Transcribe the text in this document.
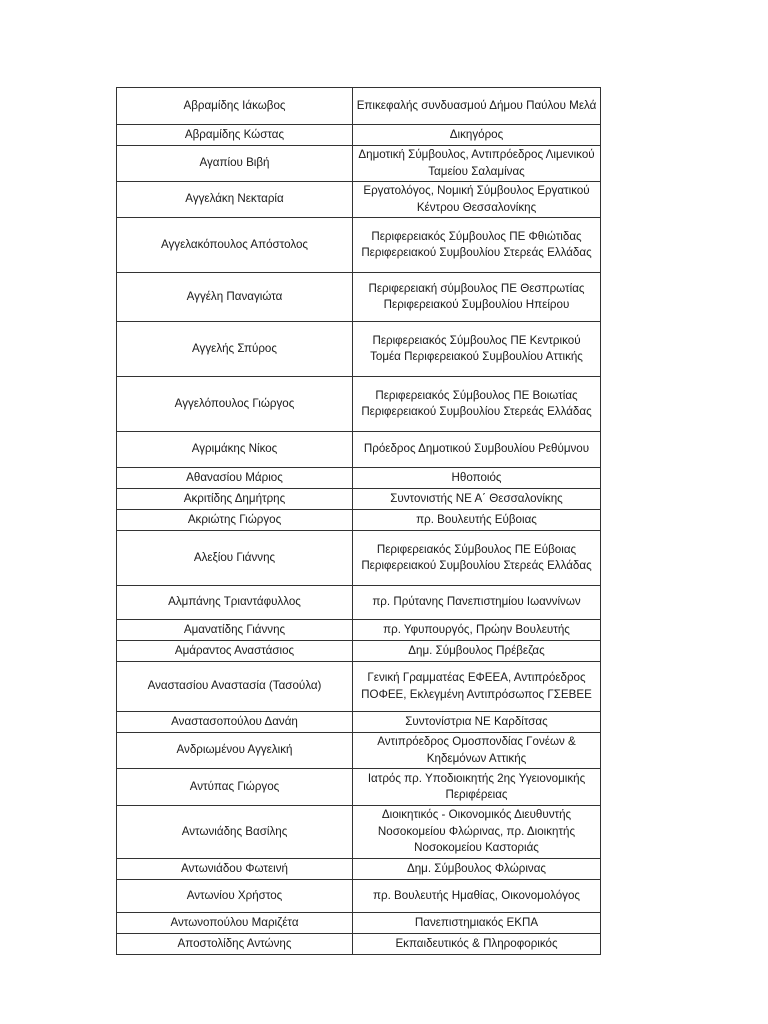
Αβραμίδης Ιάκωβος	Επικεφαλής συνδυασμού Δήμου Παύλου Μελά
Αβραμίδης Κώστας	Δικηγόρος
Αγαπίου Βιβή	Δημοτική Σύμβουλος, Αντιπρόεδρος Λιμενικού Ταμείου Σαλαμίνας
Αγγελάκη Νεκταρία	Εργατολόγος, Νομική Σύμβουλος Εργατικού Κέντρου Θεσσαλονίκης
Αγγελακόπουλος Απόστολος	Περιφερειακός Σύμβουλος ΠΕ Φθιώτιδας Περιφερειακού Συμβουλίου Στερεάς Ελλάδας
Αγγέλη Παναγιώτα	Περιφερειακή σύμβουλος ΠΕ Θεσπρωτίας Περιφερειακού Συμβουλίου Ηπείρου
Αγγελής Σπύρος	Περιφερειακός Σύμβουλος ΠΕ Κεντρικού Τομέα Περιφερειακού Συμβουλίου Αττικής
Αγγελόπουλος Γιώργος	Περιφερειακός Σύμβουλος ΠΕ Βοιωτίας Περιφερειακού Συμβουλίου Στερεάς Ελλάδας
Αγριμάκης Νίκος	Πρόεδρος Δημοτικού Συμβουλίου Ρεθύμνου
Αθανασίου Μάριος	Ηθοποιός
Ακριτίδης Δημήτρης	Συντονιστής ΝΕ Α΄ Θεσσαλονίκης
Ακριώτης Γιώργος	πρ. Βουλευτής Εύβοιας
Αλεξίου Γιάννης	Περιφερειακός Σύμβουλος ΠΕ Εύβοιας Περιφερειακού Συμβουλίου Στερεάς Ελλάδας
Αλμπάνης Τριαντάφυλλος	πρ. Πρύτανης Πανεπιστημίου Ιωαννίνων
Αμανατίδης Γιάννης	πρ. Υφυπουργός, Πρώην Βουλευτής
Αμάραντος Αναστάσιος	Δημ. Σύμβουλος Πρέβεζας
Αναστασίου Αναστασία (Τασούλα)	Γενική Γραμματέας ΕΦΕΕΑ, Αντιπρόεδρος ΠΟΦΕΕ, Εκλεγμένη Αντιπρόσωπος ΓΣΕΒΕΕ
Αναστασοπούλου Δανάη	Συντονίστρια ΝΕ Καρδίτσας
Ανδριωμένου Αγγελική	Αντιπρόεδρος Ομοσπονδίας Γονέων & Κηδεμόνων Αττικής
Αντύπας Γιώργος	Ιατρός πρ. Υποδιοικητής 2ης Υγειονομικής Περιφέρειας
Αντωνιάδης Βασίλης	Διοικητικός - Οικονομικός Διευθυντής Νοσοκομείου Φλώρινας, πρ. Διοικητής Νοσοκομείου Καστοριάς
Αντωνιάδου Φωτεινή	Δημ. Σύμβουλος Φλώρινας
Αντωνίου Χρήστος	πρ. Βουλευτής Ημαθίας, Οικονομολόγος
Αντωνοπούλου Μαριζέτα	Πανεπιστημιακός ΕΚΠΑ
Αποστολίδης Αντώνης	Εκπαιδευτικός & Πληροφορικός
